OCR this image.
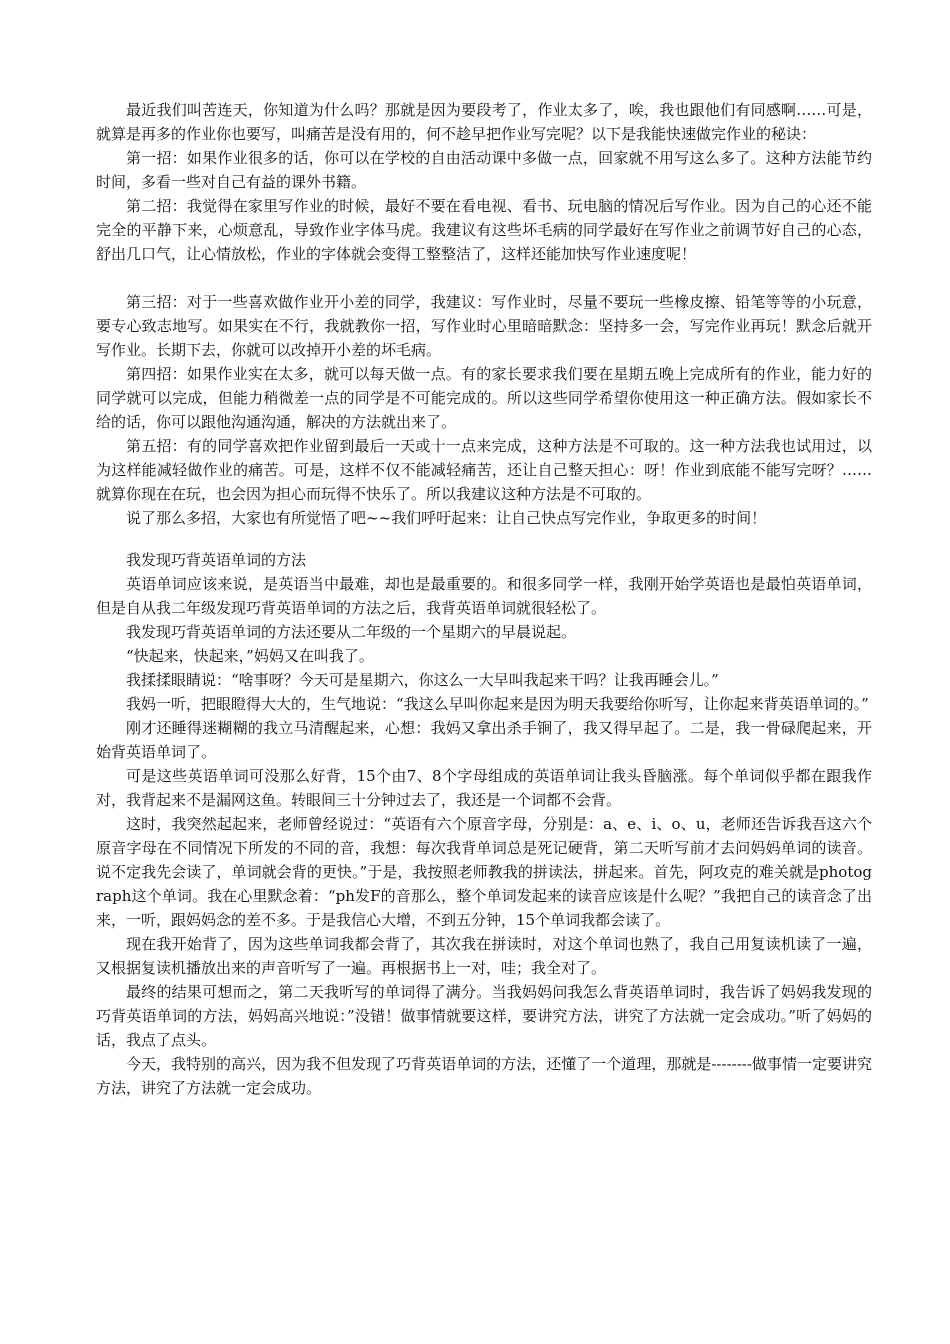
最近我们叫苦连天，你知道为什么吗？那就是因为要段考了，作业太多了，唉，我也跟他们有同感啊……可是，就算是再多的作业你也要写，叫痛苦是没有用的，何不趁早把作业写完呢？以下是我能快速做完作业的秘诀：

第一招：如果作业很多的话，你可以在学校的自由活动课中多做一点，回家就不用写这么多了。这种方法能节约时间，多看一些对自己有益的课外书籍。

第二招：我觉得在家里写作业的时候，最好不要在看电视、看书、玩电脑的情况后写作业。因为自己的心还不能完全的平静下来，心烦意乱，导致作业字体马虎。我建议有这些坏毛病的同学最好在写作业之前调节好自己的心态，舒出几口气，让心情放松，作业的字体就会变得工整整洁了，这样还能加快写作业速度呢！

第三招：对于一些喜欢做作业开小差的同学，我建议：写作业时，尽量不要玩一些橡皮擦、铅笔等等的小玩意，要专心致志地写。如果实在不行，我就教你一招，写作业时心里暗暗默念：坚持多一会，写完作业再玩！默念后就开写作业。长期下去，你就可以改掉开小差的坏毛病。

第四招：如果作业实在太多，就可以每天做一点。有的家长要求我们要在星期五晚上完成所有的作业，能力好的同学就可以完成，但能力稍微差一点的同学是不可能完成的。所以这些同学希望你使用这一种正确方法。假如家长不给的话，你可以跟他沟通沟通，解决的方法就出来了。

第五招：有的同学喜欢把作业留到最后一天或十一点来完成，这种方法是不可取的。这一种方法我也试用过，以为这样能减轻做作业的痛苦。可是，这样不仅不能减轻痛苦，还让自己整天担心：呀！作业到底能不能写完呀？……就算你现在在玩，也会因为担心而玩得不快乐了。所以我建议这种方法是不可取的。

说了那么多招，大家也有所觉悟了吧~~我们呼吁起来：让自己快点写完作业，争取更多的时间！

我发现巧背英语单词的方法

英语单词应该来说，是英语当中最难，却也是最重要的。和很多同学一样，我刚开始学英语也是最怕英语单词，但是自从我二年级发现巧背英语单词的方法之后，我背英语单词就很轻松了。

我发现巧背英语单词的方法还要从二年级的一个星期六的早晨说起。

“快起来，快起来，”妈妈又在叫我了。

我揉揉眼睛说：“啥事呀？今天可是星期六，你这么一大早叫我起来干吗？让我再睡会儿。”

我妈一听，把眼瞪得大大的，生气地说：“我这么早叫你起来是因为明天我要给你听写，让你起来背英语单词的。”

刚才还睡得迷糊糊的我立马清醒起来，心想：我妈又拿出杀手锏了，我又得早起了。二是，我一骨碌爬起来，开始背英语单词了。

可是这些英语单词可没那么好背，15个由7、8个字母组成的英语单词让我头昏脑涨。每个单词似乎都在跟我作对，我背起来不是漏网这鱼。转眼间三十分钟过去了，我还是一个词都不会背。

这时，我突然起起来，老师曾经说过：“英语有六个原音字母，分别是：a、e、i、o、u，老师还告诉我吾这六个原音字母在不同情况下所发的不同的音，我想：每次我背单词总是死记硬背，第二天听写前才去问妈妈单词的读音。说不定我先会读了，单词就会背的更快。”于是，我按照老师教我的拼读法，拼起来。首先，阿攻克的难关就是photograph这个单词。我在心里默念着：“ph发F的音那么，整个单词发起来的读音应该是什么呢？”我把自己的读音念了出来，一听，跟妈妈念的差不多。于是我信心大增，不到五分钟，15个单词我都会读了。

现在我开始背了，因为这些单词我都会背了，其次我在拼读时，对这个单词也熟了，我自己用复读机读了一遍，又根据复读机播放出来的声音听写了一遍。再根据书上一对，哇；我全对了。

最终的结果可想而之，第二天我听写的单词得了满分。当我妈妈问我怎么背英语单词时，我告诉了妈妈我发现的巧背英语单词的方法，妈妈高兴地说：”没错！做事情就要这样，要讲究方法，讲究了方法就一定会成功。”听了妈妈的话，我点了点头。

今天，我特别的高兴，因为我不但发现了巧背英语单词的方法，还懂了一个道理，那就是--------做事情一定要讲究方法，讲究了方法就一定会成功。
